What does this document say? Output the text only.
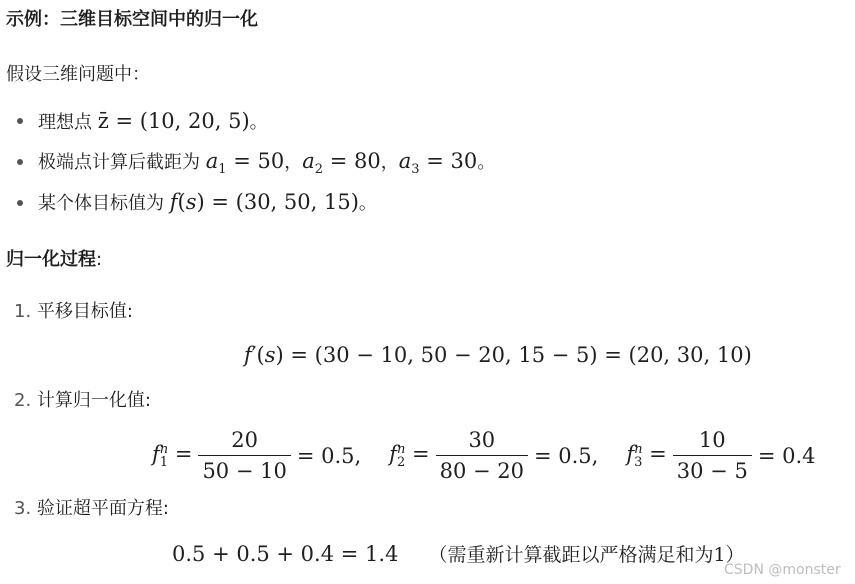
示例：三维目标空间中的归一化
假设三维问题中：
理想点 z̄ = (10, 20, 5)。
极端点计算后截距为 $a_1 = 50$，$a_2 = 80$，$a_3 = 30$。
某个体目标值为 f(s) = (30, 50, 15)。
归一化过程:
1. 平移目标值:
f′(s) = (30 − 10, 50 − 20, 15 − 5) = (20, 30, 10)
2. 计算归一化值:
f n
$1 = \frac{20}{50 - 10} = 0.5$, f n
$2 = \frac{30}{80 - 20} = 0.5$, f n
$3 = \frac{10}{30 - 5} = 0.4$
3. 验证超平面方程:
0.5 + 0.5 + 0.4 = 1.4 （需重新计算截距以严格满足和为1）
CSDN @monster
